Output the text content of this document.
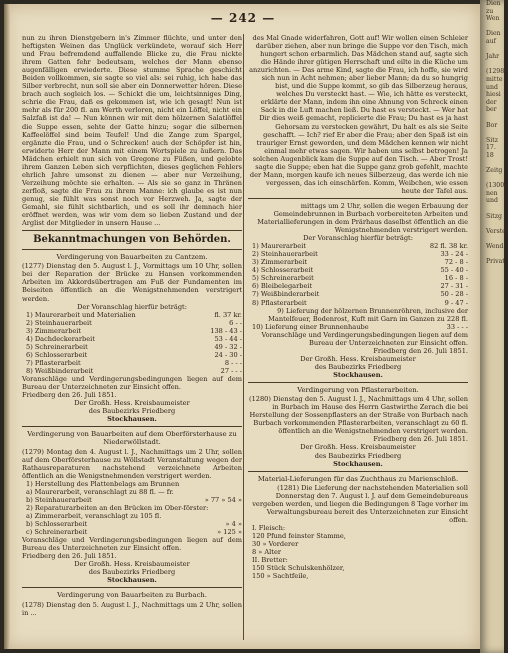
— 242 —

nun zu ihren Dienstgebern in's Zimmer flüchte, und unter den heftigsten Weinen das Unglück verkündete, worauf sich Herr und Frau befremdend auffallende Blicke zu, die Frau nickte ihrem Gatten fehr bedeutsam, welches der Mann ebenso augenfälligen erwiederte. Diese stumme Sprache geschicht Beiden vollkommen, sie sagte so viel als: sei ruhig, ich habe das Silber verbrecht, nun soll sie aber ein Donnerwetter hören. Diese brach auch sogleich los. — Schickt die um, leichtsinniges Ding, schrie die Frau, daß es gekommen ist, wie ich gesagt! Nun ist mehr als für 200 fl. am Werth verloren, nicht ein Löffel, nicht ein Salzfaß ist da! — Nun können wir mit dem hölzernen Salatlöffel die Suppe essen, sehte der Gatte hinzu; sogar die silbernen Kaffeelöffel sind beim Teufel! Und die Zange zum Spargel, ergänzte die Frau, und o Schrecken! auch der Schöpfer ist hin, erwiderte Herr der Mann mit einem Wortspiele zu äußern. Das Mädchen erhielt nun sich von Gregone zu Füßen, und gelobte ihrem Ganzen Leben sich verpflichten, dieses geglichen Fehlers ehrlich Jahre umsonst zu dienen — aber nur Verzeihung, Verzeihung möchte sie erhalten. — Als sie so ganz in Thränen zerfloß, sagte die Frau zu ihrem Manne: ich glaube es ist nun genug, sie fühlt was sonst noch vor Herzweh. Ja, sagte der Gemahl, sie fühlt sichtbarlich, und es soll ihr demnach hier eröffnet werden, was wir vom dem so lieben Zustand und der Arglist der Mitglieder in unsern Hause ...

Bekanntmachungen von Behörden.
Verdingerung von Bauarbeiten zu Cantzem.

(1277) Dienstag den 5. August l. J., Vormittags um 10 Uhr, sollen bei der Reparation der Brücke zu Hansen vorkommenden Arbeiten im Akkordsübertragen am Fuß der Fundamenten im Beiseiten öffentlich an die Wenigstnehmenden verstrigert werden.

Der Voranschlag hierfür beträgt:

1) Maurerarbeit und Materialien	fl. 37 kr.
2) Steinhauerarbeit	6 - -
3) Zimmerarbeit	138 - 43 -
4) Dachdeckerarbeit	53 - 44 -
5) Schreinerarbeit	49 - 32 -
6) Schlosserarbeit	24 - 30 -
7) Pflasterarbeit	8 - - -
8) Weißbinderarbeit	27 - - -

Voranschläge und Verdingerungsbedingungen liegen auf dem Bureau der Unterzeichneten zur Einsicht offen.

Friedberg den 26. Juli 1851.

Der Großh. Hess. Kreisbaumeister

des Baubezirks Friedberg

Stockhausen.

Verdingerung von Bauarbeiten auf dem Oberförsterhause zu Niederwöllstadt.

(1279) Montag den 4. August l. J., Nachmittags um 2 Uhr, sollen auf dem Oberförsterhause zu Wöllstadt Veranstaltung wegen der Rathausreparaturen nachstehend verzeichnete Arbeiten öffentlich an die Wenigstnehmenden verstrigert werden.

1) Herstellung des Plattenbelags am Brunnen
a) Maurerarbeit, veranschlagt zu 88 fl. — fr.
b) Steinhauerarbeit	» 77 » 54 »
2) Reparaturarbeiten an den Brücken im Ober-förster:
a) Zimmerarbeit, veranschlagt zu 105 fl.
b) Schlosserarbeit	» 4 »
c) Schreinerarbeit	» 125 »

Voranschläge und Verdingerungsbedingungen liegen auf dem Bureau des Unterzeichneten zur Einsicht offen.

Friedberg den 26. Juli 1851.

Der Großh. Hess. Kreisbaumeister

des Baubezirks Friedberg

Stockhausen.

Verdingerung von Bauarbeiten zu Burbach.

(1278) Dienstag den 5. August l. J., Nachmittags um 2 Uhr, sollen in ...

des Mal Gnade widerfahren, Gott auf! Wir wollen einen Schleier darüber ziehen, aber nun bringe die Suppe vor den Tisch, mich hungert schon erbarmlich. Das Mädchen stand auf, sagte sich die Hände ihrer gütigen Herrschaft und eilte in die Küche um anzurichten. — Das arme Kind, sagte die Frau, ich hoffe, sie wird sich nun in Acht nehmen; aber lieber Mann; da du so hungrig bist, und die Suppe kommt, so gib das Silberzeug heraus, welches Du versteckt hast. — Wie, ich hätte es versteckt, erklärte der Mann, indem ihn eine Ahnung von Schreck einen Sack in die Luft machen ließ. Du hast es versteckt. — Wer hat Dir dies weiß gemacht, replicierte die Frau; Du hast es ja hast Gehorsam zu verstecken gewährt, Du halt es als sie Seite geschafft. — Ich? rief Er aber die Frau; aber den Spaß ist ein trauriger Ernst geworden, und dem Mädchen kennen wir nicht einmal mehr etwas sagen. Wir haben uns selbst betrogen! Ja solchen Augenblick kam die Suppe auf den Tisch. — Aber Trost! sagte die Suppe; eben hat die Suppe ganz grob gefehlt, machte der Mann, morgen kaufe ich neues Silberzeug, das werde ich nie vergessen, das ich einschärfen. Komm, Weibchen, wie essen heute der Tafel aus.

mittags um 2 Uhr, sollen die wegen Erbauung der Gemeindebrunnen in Burbach vorbereiteten Arbeiten und Materiallieferungen in dem Prärhaus daselbst öffentlich an die Wenigstnehmenden verstrigert werden.

Der Voranschlag hierfür beträgt:

1) Maurerarbeit	82 fl. 38 kr.
2) Steinhauerarbeit	33 - 24 -
3) Zimmerarbeit	72 - 8 -
4) Schlosserarbeit	55 - 40 -
5) Schreinerarbeit	16 - 8 -
6) Bleibelegarbeit	27 - 31 -
7) Weißbinderarbeit	50 - 28 -
8) Pflasterarbeit	9 - 47 -
9) Lieferung der hölzernen Brunnenröhren, inclusive der Mantelfeuer, Bodenrost, Kuft mit Garn im Ganzen zu 228 fl.
10) Lieferung einer Brunnenhaube	33 - - -

Voranschläge und Verdingerungsbedingungen liegen auf dem Bureau der Unterzeichneten zur Einsicht offen.

Friedberg den 26. Juli 1851.

Der Großh. Hess. Kreisbaumeister

des Baubezirks Friedberg

Stockhausen.

Verdingerung von Pflasterarbeiten.

(1280) Dienstag den 5. August l. J., Nachmittags um 4 Uhr, sollen in Burbach im Hause des Herrn Gastwirthe Zerach die bei Herstellung der Sossenpflasters an der Straße von Burbach nach Burbach vorkommenden Pflasterarbeiten, veranschlagt zu 60 fl. öffentlich an die Wenigstnehmenden verstrigert werden.

Friedberg den 26. Juli 1851.

Der Großh. Hess. Kreisbaumeister

des Baubezirks Friedberg

Stockhausen.

Material-Lieferungen für das Zuchthaus zu Marienschloß.

(1281) Die Lieferung der nachstehenden Materialien soll Donnerstag den 7. August l. J. auf dem Gemeindebureaus vergeben werden, und liegen die Bedingungen 8 Tage vorher im Verwaltungsbureau bereit des Unterzeichneten zur Einsicht offen.

I. Fleisch:
120 Pfund feinster Stamme,
30 » Vorderer
8 » Alter
II. Bretter:
150 Stück Schulskenhölzer,
150 » Sachtfeile,
Dien
zu
Wen

Dien
auf

Jahr

(1298)
mitte
und
hiesi
der
ber

Bor

Sitz
17.
18

Zeitg

(1300)
nen
und

Sitzg

Verstei

Wend

Privat
